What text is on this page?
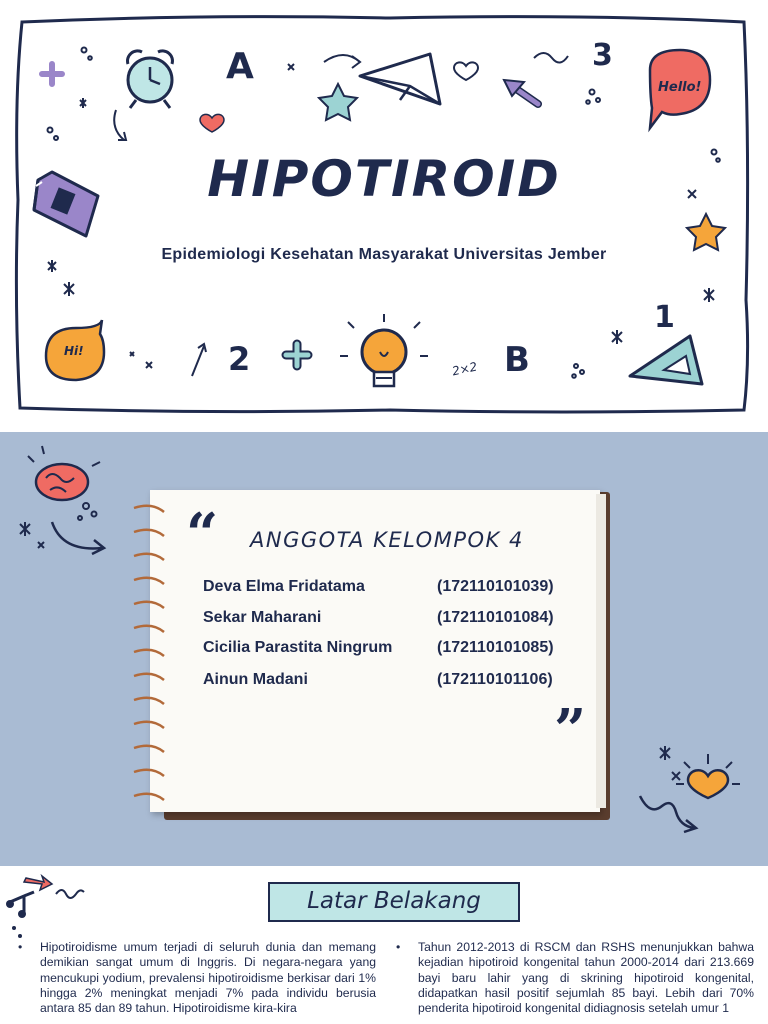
A	3
Hello!
Hi!	2	2×2 B
1
HIPOTIROID
Epidemiologi Kesehatan Masyarakat Universitas Jember
“
”
ANGGOTA KELOMPOK 4
Deva Elma Fridatama	(172110101039)
Sekar Maharani	(172110101084)
Cicilia Parastita Ningrum	(172110101085)
Ainun Madani	(172110101106)
Latar Belakang
• Hipotiroidisme umum terjadi di seluruh dunia dan memang demikian sangat umum di Inggris. Di negara-negara yang mencukupi yodium, prevalensi hipotiroidisme berkisar dari 1% hingga 2% meningkat menjadi 7% pada individu berusia antara 85 dan 89 tahun. Hipotiroidisme kira-kira
• Tahun 2012-2013 di RSCM dan RSHS menunjukkan bahwa kejadian hipotiroid kongenital tahun 2000-2014 dari 213.669 bayi baru lahir yang di skrining hipotiroid kongenital, didapatkan hasil positif sejumlah 85 bayi. Lebih dari 70% penderita hipotiroid kongenital didiagnosis setelah umur 1
